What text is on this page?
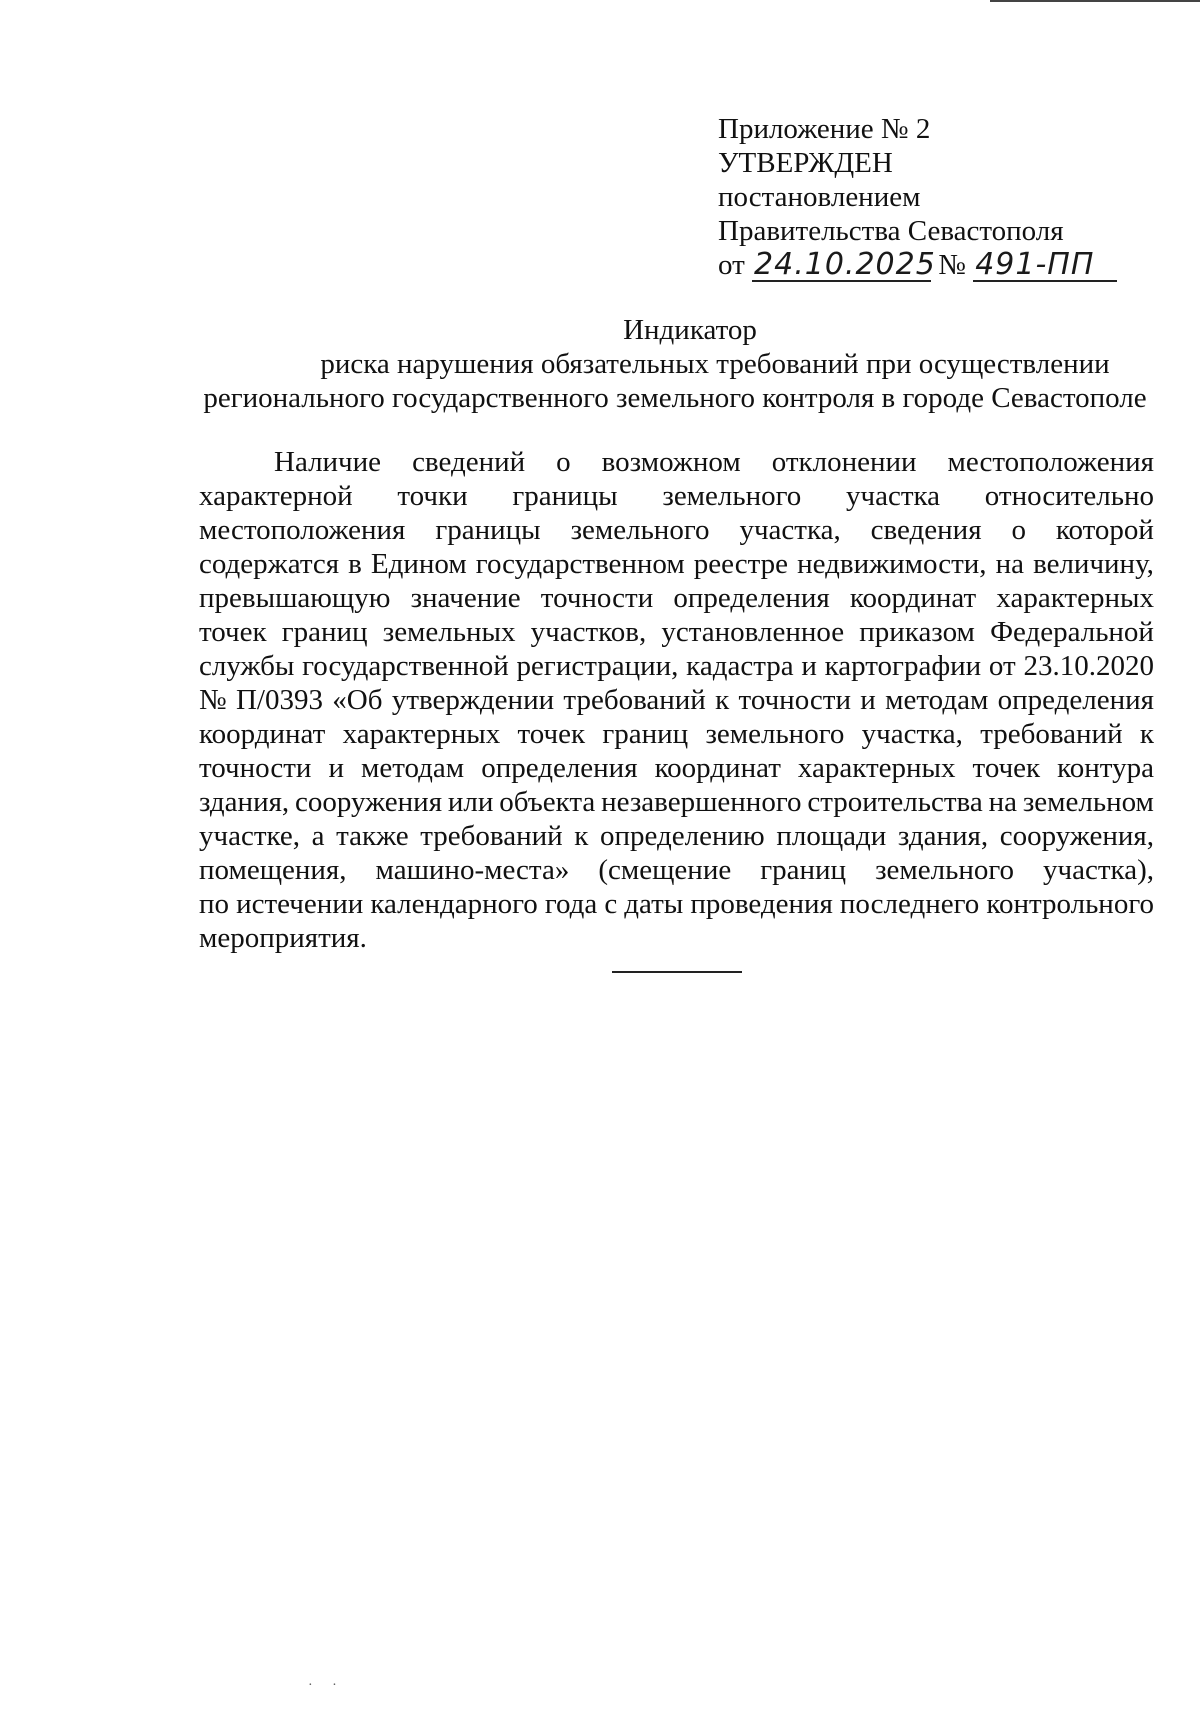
Приложение № 2
УТВЕРЖДЕН
постановлением
Правительства Севастополя
от 24.10.2025 № 491-ПП
Индикатор
риска нарушения обязательных требований при осуществлении
регионального государственного земельного контроля в городе Севастополе
Наличие сведений о возможном отклонении местоположения
характерной точки границы земельного участка относительно
местоположения границы земельного участка, сведения о которой
содержатся в Едином государственном реестре недвижимости, на величину,
превышающую значение точности определения координат характерных
точек границ земельных участков, установленное приказом Федеральной
службы государственной регистрации, кадастра и картографии от 23.10.2020
№ П/0393 «Об утверждении требований к точности и методам определения
координат характерных точек границ земельного участка, требований к
точности и методам определения координат характерных точек контура
здания, сооружения или объекта незавершенного строительства на земельном
участке, а также требований к определению площади здания, сооружения,
помещения, машино-места» (смещение границ земельного участка),
по истечении календарного года с даты проведения последнего контрольного
мероприятия.
· ·
